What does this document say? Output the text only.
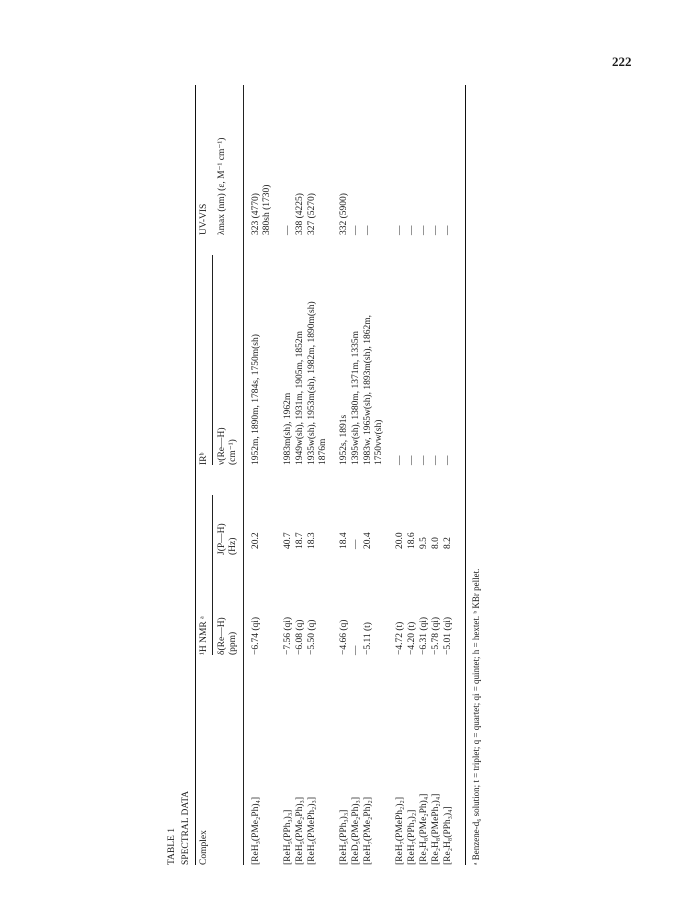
222
TABLE 1 SPECTRAL DATA Complex
¹H NMR ᵃ
IRᵇ
UV-VIS
δ(Re—H) (ppm)
J(P—H) (Hz)
ν(Re—H) (cm⁻¹)
λmax (nm) (ε, M⁻¹ cm⁻¹)
[ReH₃(PMe₂Ph)₄]
−6.74 (qi)
20.2
1952m, 1890m, 1784s, 1750m(sh)
323 (4770) 380sh (1730)
[ReH₅(PPh₃)₃]
−7.56 (qi)
40.7
1983m(sh), 1962m
—
[ReH₅(PMe₂Ph)₃]
−6.08 (q)
18.7
1949w(sh), 1931m, 1905m, 1852m
338 (4225)
[ReH₅(PMePh₂)₃]
−5.50 (q)
18.3
1935w(sh), 1953m(sh), 1982m, 1890m(sh) 1876m
327 (5270)
[ReH₅(PPh₃)₃]
−4.66 (q)
18.4
1952s, 1891s
332 (5900)
[ReD₅(PMe₂Ph)₃]
—
—
1395w(sh), 1380m, 1371m, 1335m
—
[ReH₇(PMe₂Ph)₂]
−5.11 (t)
20.4
1983w, 1965w(sh), 1893m(sh), 1862m, 1750vw(sh)
—
[ReH₇(PMePh₂)₂]
−4.72 (t)
20.0
—
—
[ReH₇(PPh₃)₂]
−4.20 (t)
18.6
—
—
[Re₂H₈(PMe₂Ph)₄]
−6.31 (qi)
9.5
—
—
[Re₂H₈(PMePh₂)₄]
−5.78 (qi)
8.0
—
—
[Re₂H₈(PPh₃)₄]
−5.01 (qi)
8.2
—
—
ᵃ Benzene-d₆ solution; t = triplet; q = quartet; qi = quintet; h = hextet. ᵇ KBr pellet.
